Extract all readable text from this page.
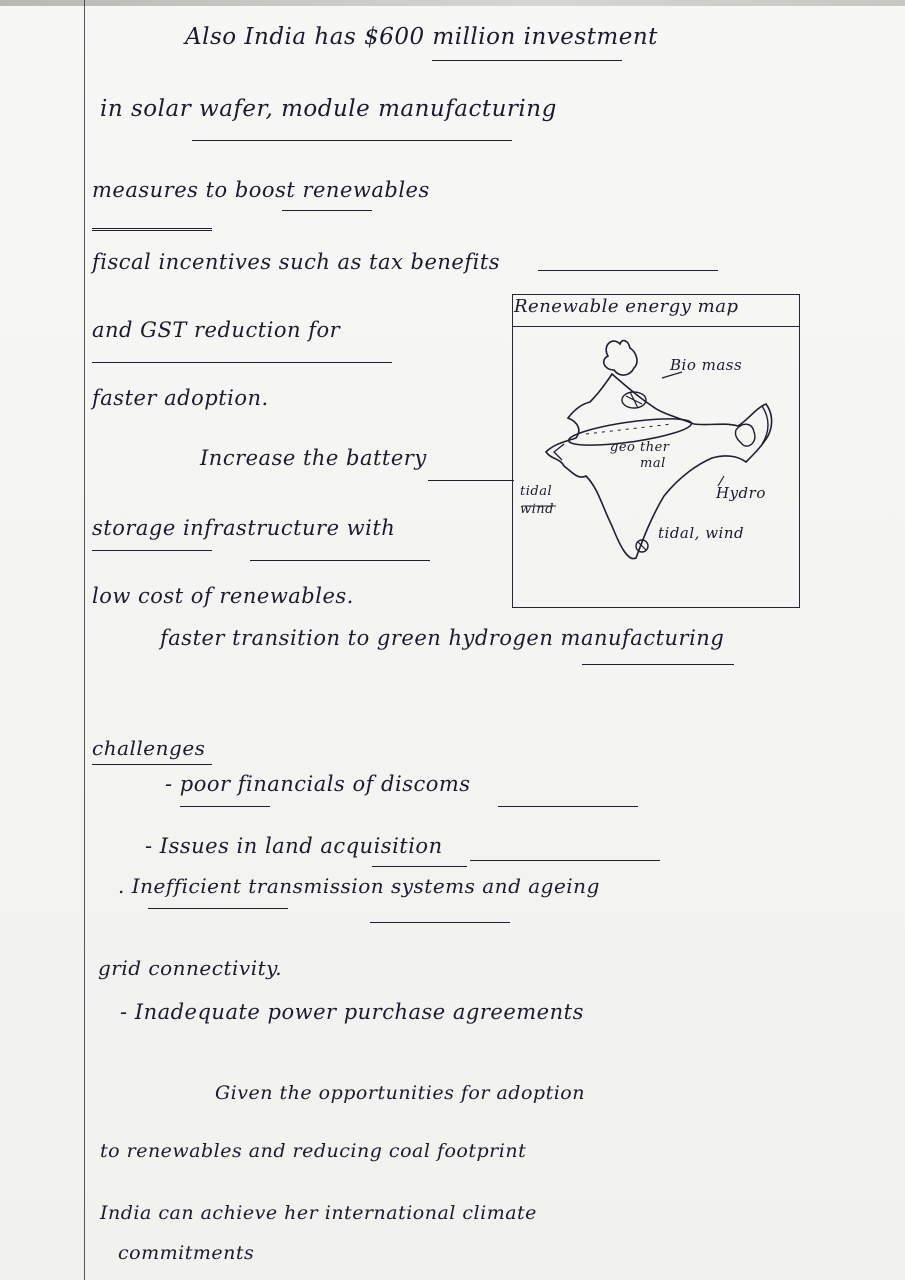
Also India has $600 million investment
in solar wafer, module manufacturing
measures to boost renewables
fiscal incentives such as tax benefits
and GST reduction for
faster adoption.
Increase the battery
storage infrastructure with
low cost of renewables.
faster transition to green hydrogen manufacturing
challenges
- poor financials of discoms
- Issues in land acquisition
. Inefficient transmission systems and ageing
grid connectivity.
- Inadequate power purchase agreements
Given the opportunities for adoption
to renewables and reducing coal footprint
India can achieve her international climate
commitments
Renewable energy map
Bio mass
geo ther
mal
Hydro
tidal
wind
tidal, wind
